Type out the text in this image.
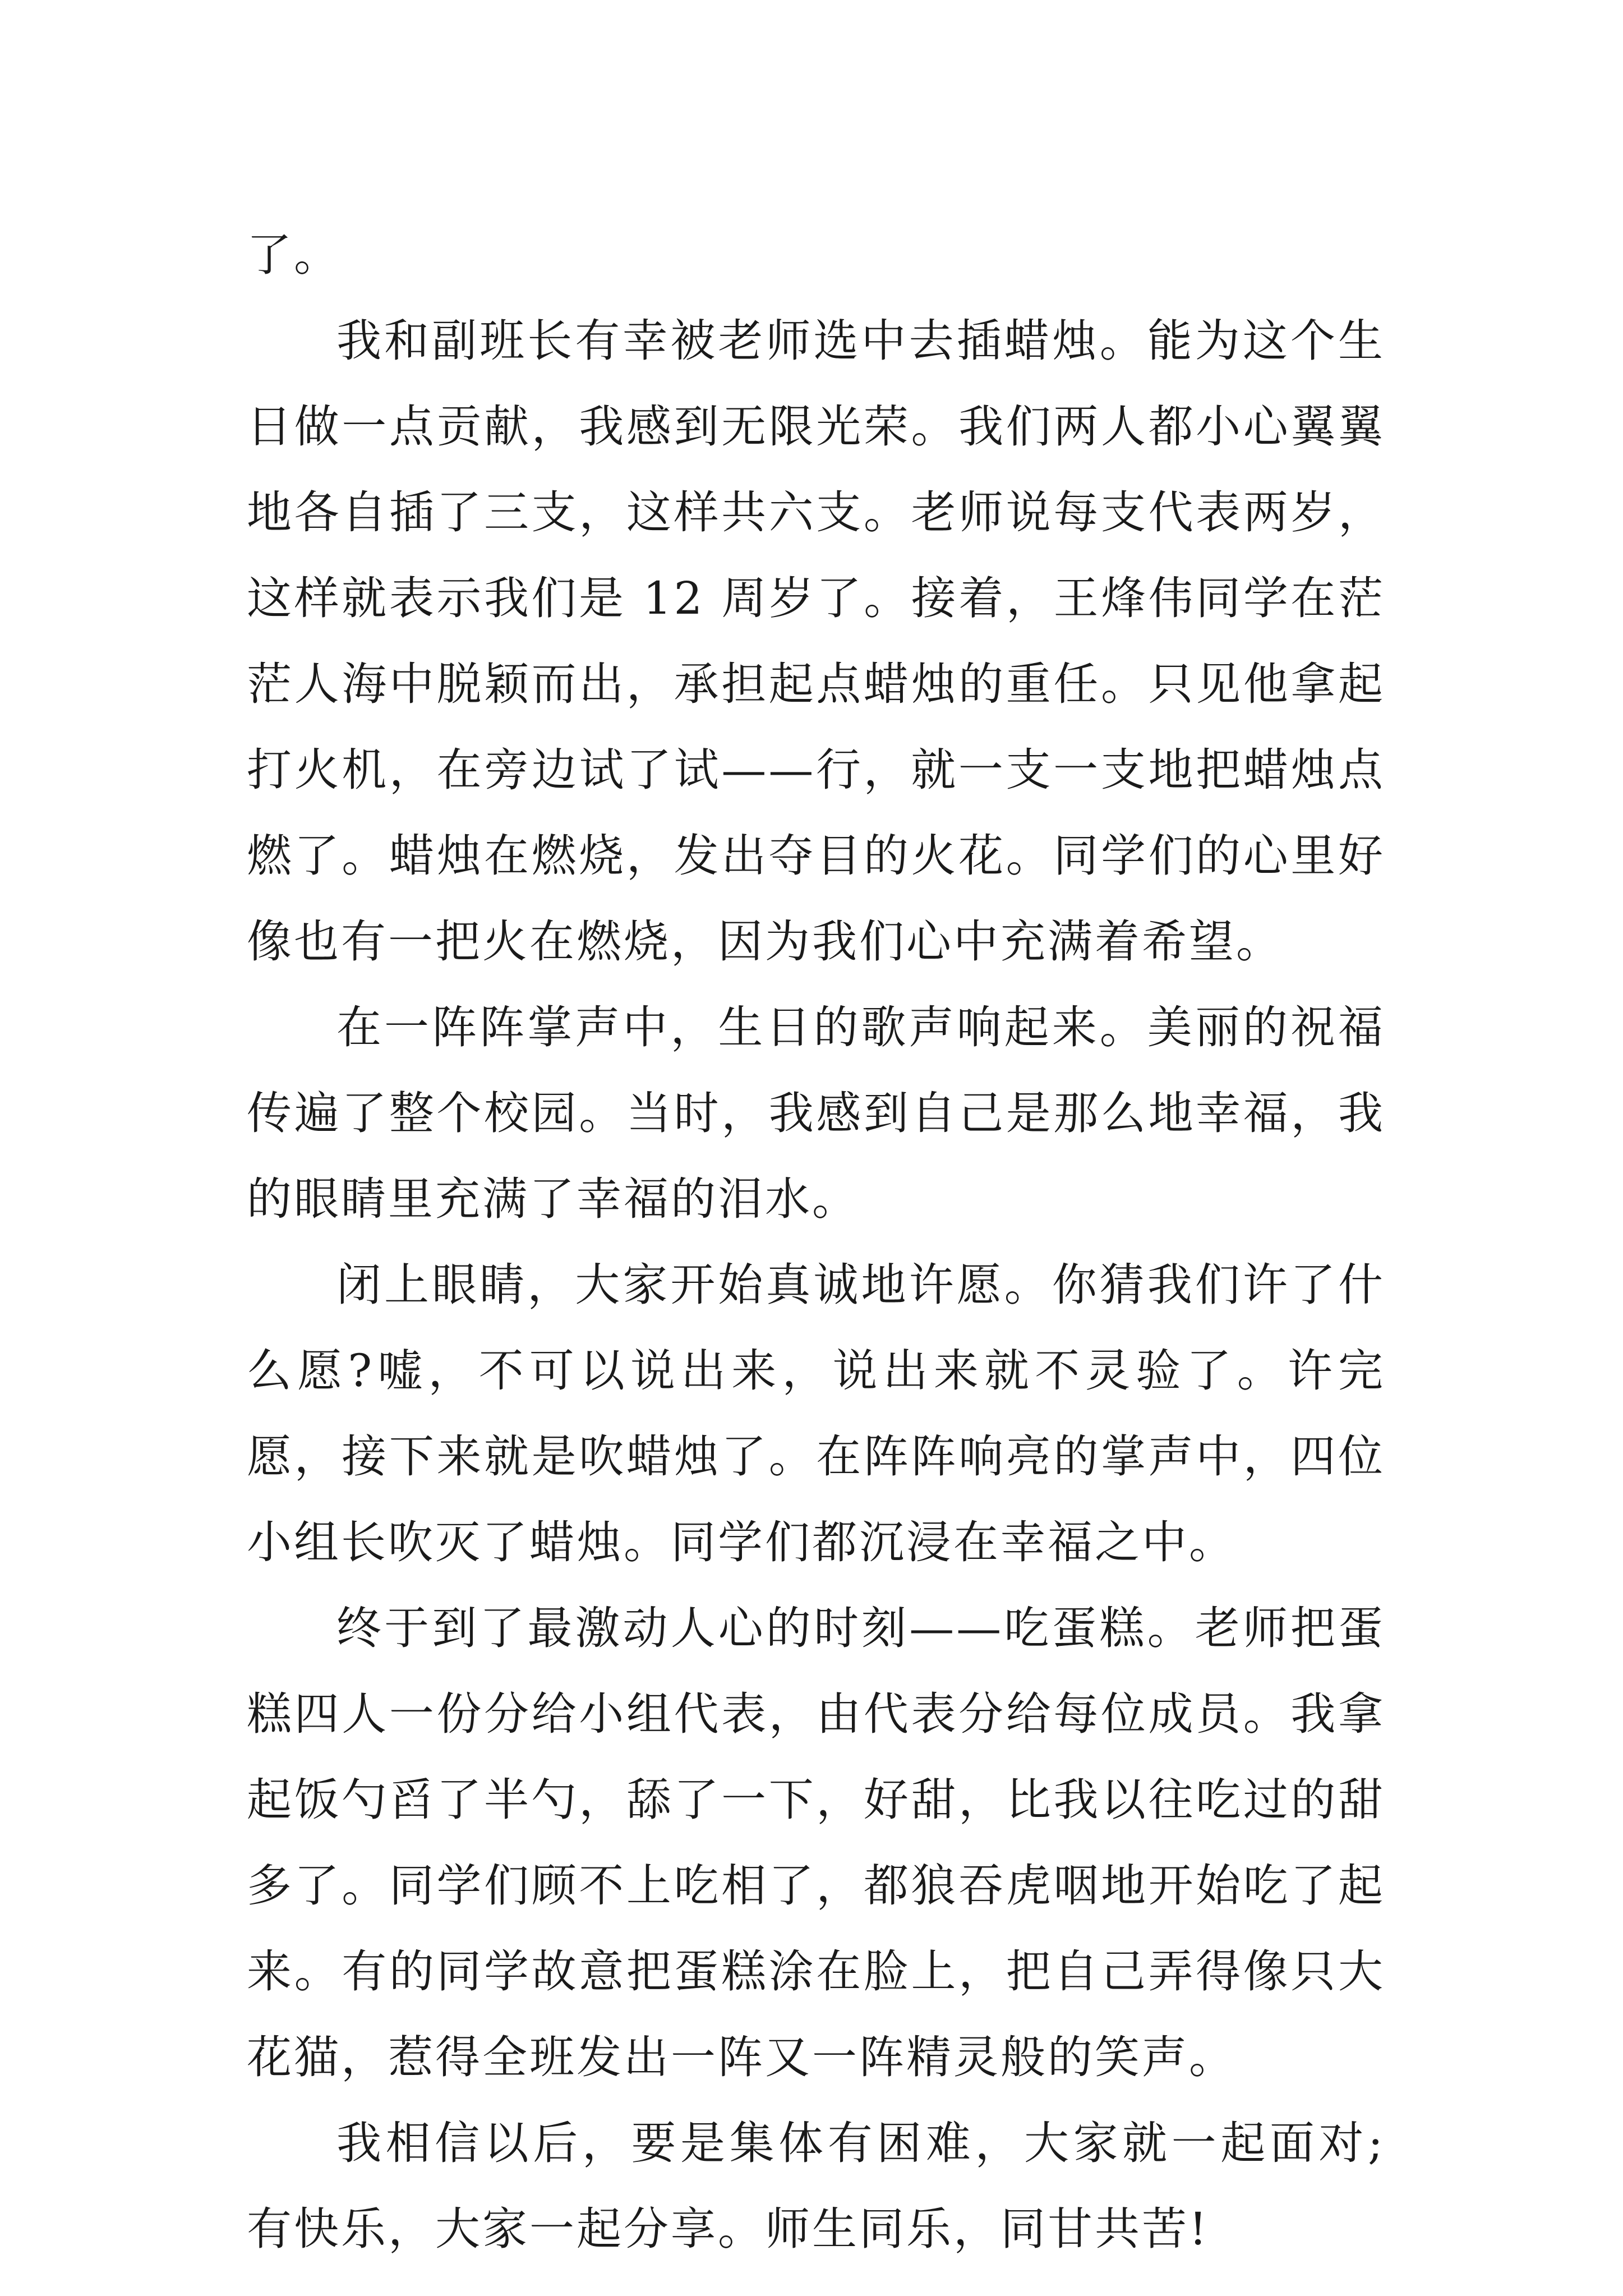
了。

我和副班长有幸被老师选中去插蜡烛。能为这个生日做一点贡献，我感到无限光荣。我们两人都小心翼翼地各自插了三支，这样共六支。老师说每支代表两岁，这样就表示我们是 12 周岁了。接着，王烽伟同学在茫茫人海中脱颖而出，承担起点蜡烛的重任。只见他拿起打火机，在旁边试了试——行，就一支一支地把蜡烛点燃了。蜡烛在燃烧，发出夺目的火花。同学们的心里好像也有一把火在燃烧，因为我们心中充满着希望。

在一阵阵掌声中，生日的歌声响起来。美丽的祝福传遍了整个校园。当时，我感到自己是那么地幸福，我的眼睛里充满了幸福的泪水。

闭上眼睛，大家开始真诚地许愿。你猜我们许了什么愿?嘘，不可以说出来，说出来就不灵验了。许完愿，接下来就是吹蜡烛了。在阵阵响亮的掌声中，四位小组长吹灭了蜡烛。同学们都沉浸在幸福之中。

终于到了最激动人心的时刻——吃蛋糕。老师把蛋糕四人一份分给小组代表，由代表分给每位成员。我拿起饭勺舀了半勺，舔了一下，好甜，比我以往吃过的甜多了。同学们顾不上吃相了，都狼吞虎咽地开始吃了起来。有的同学故意把蛋糕涂在脸上，把自己弄得像只大花猫，惹得全班发出一阵又一阵精灵般的笑声。

我相信以后，要是集体有困难，大家就一起面对;有快乐，大家一起分享。师生同乐，同甘共苦!
